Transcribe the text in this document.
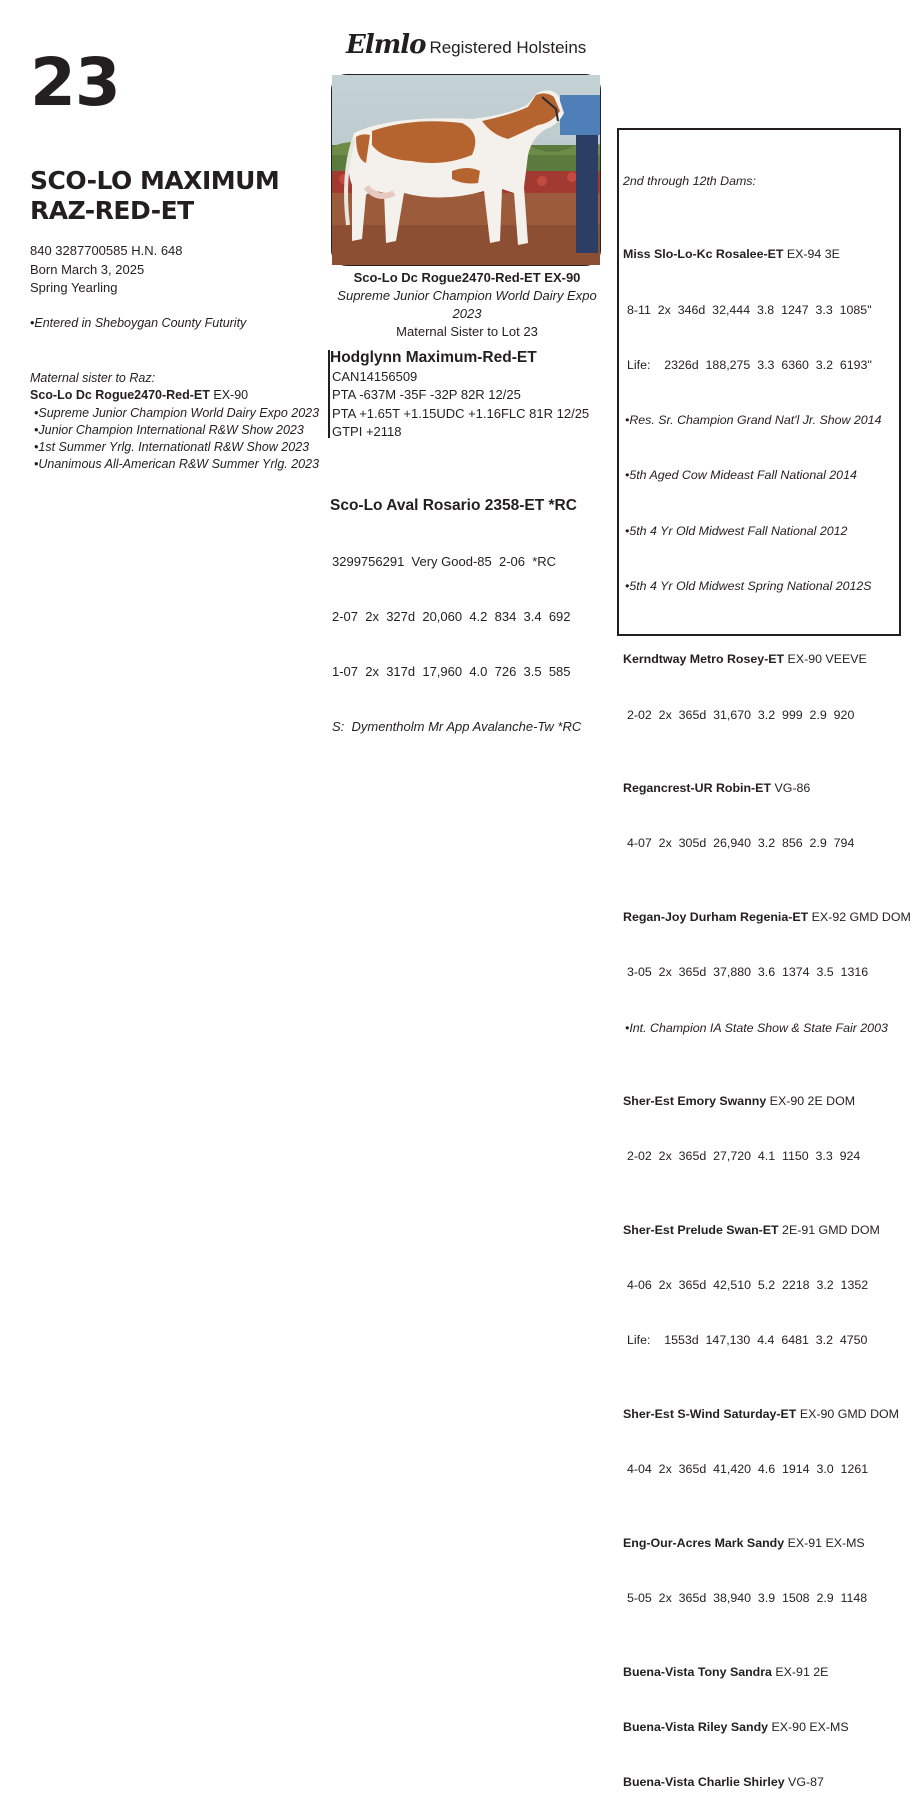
23
SCO-LO MAXIMUM
RAZ-RED-ET
840 3287700585 H.N. 648
Born March 3, 2025
Spring Yearling
•Entered in Sheboygan County Futurity
Maternal sister to Raz:
Sco-Lo Dc Rogue2470-Red-ET EX-90
•Supreme Junior Champion World Dairy Expo 2023
•Junior Champion International R&W Show 2023
•1st Summer Yrlg. Internationatl R&W Show 2023
•Unanimous All-American R&W Summer Yrlg. 2023
Elmlo Registered Holsteins
Sco-Lo Dc Rogue2470-Red-ET EX-90
Supreme Junior Champion World Dairy Expo 2023
Maternal Sister to Lot 23
Hodglynn Maximum-Red-ET
CAN14156509
PTA -637M -35F -32P 82R 12/25
PTA +1.65T +1.15UDC +1.16FLC 81R 12/25
GTPI +2118

Sco-Lo Aval Rosario 2358-ET *RC

3299756291  Very Good-85  2-06  *RC

2-07  2x  327d  20,060  4.2  834  3.4  692

1-07  2x  317d  17,960  4.0  726  3.5  585

S:  Dymentholm Mr App Avalanche-Tw *RC

2nd through 12th Dams:

Miss Slo-Lo-Kc Rosalee-ET EX-94 3E

8-11  2x  346d  32,444  3.8  1247  3.3  1085"

Life:    2326d  188,275  3.3  6360  3.2  6193"

•Res. Sr. Champion Grand Nat'l Jr. Show 2014

•5th Aged Cow Mideast Fall National 2014

•5th 4 Yr Old Midwest Fall National 2012

•5th 4 Yr Old Midwest Spring National 2012S

Kerndtway Metro Rosey-ET EX-90 VEEVE

2-02  2x  365d  31,670  3.2  999  2.9  920

Regancrest-UR Robin-ET VG-86

4-07  2x  305d  26,940  3.2  856  2.9  794

Regan-Joy Durham Regenia-ET EX-92 GMD DOM

3-05  2x  365d  37,880  3.6  1374  3.5  1316

•Int. Champion IA State Show & State Fair 2003

Sher-Est Emory Swanny EX-90 2E DOM

2-02  2x  365d  27,720  4.1  1150  3.3  924

Sher-Est Prelude Swan-ET 2E-91 GMD DOM

4-06  2x  365d  42,510  5.2  2218  3.2  1352

Life:    1553d  147,130  4.4  6481  3.2  4750

Sher-Est S-Wind Saturday-ET EX-90 GMD DOM

4-04  2x  365d  41,420  4.6  1914  3.0  1261

Eng-Our-Acres Mark Sandy EX-91 EX-MS

5-05  2x  365d  38,940  3.9  1508  2.9  1148

Buena-Vista Tony Sandra EX-91 2E

Buena-Vista Riley Sandy EX-90 EX-MS

Buena-Vista Charlie Shirley VG-87
